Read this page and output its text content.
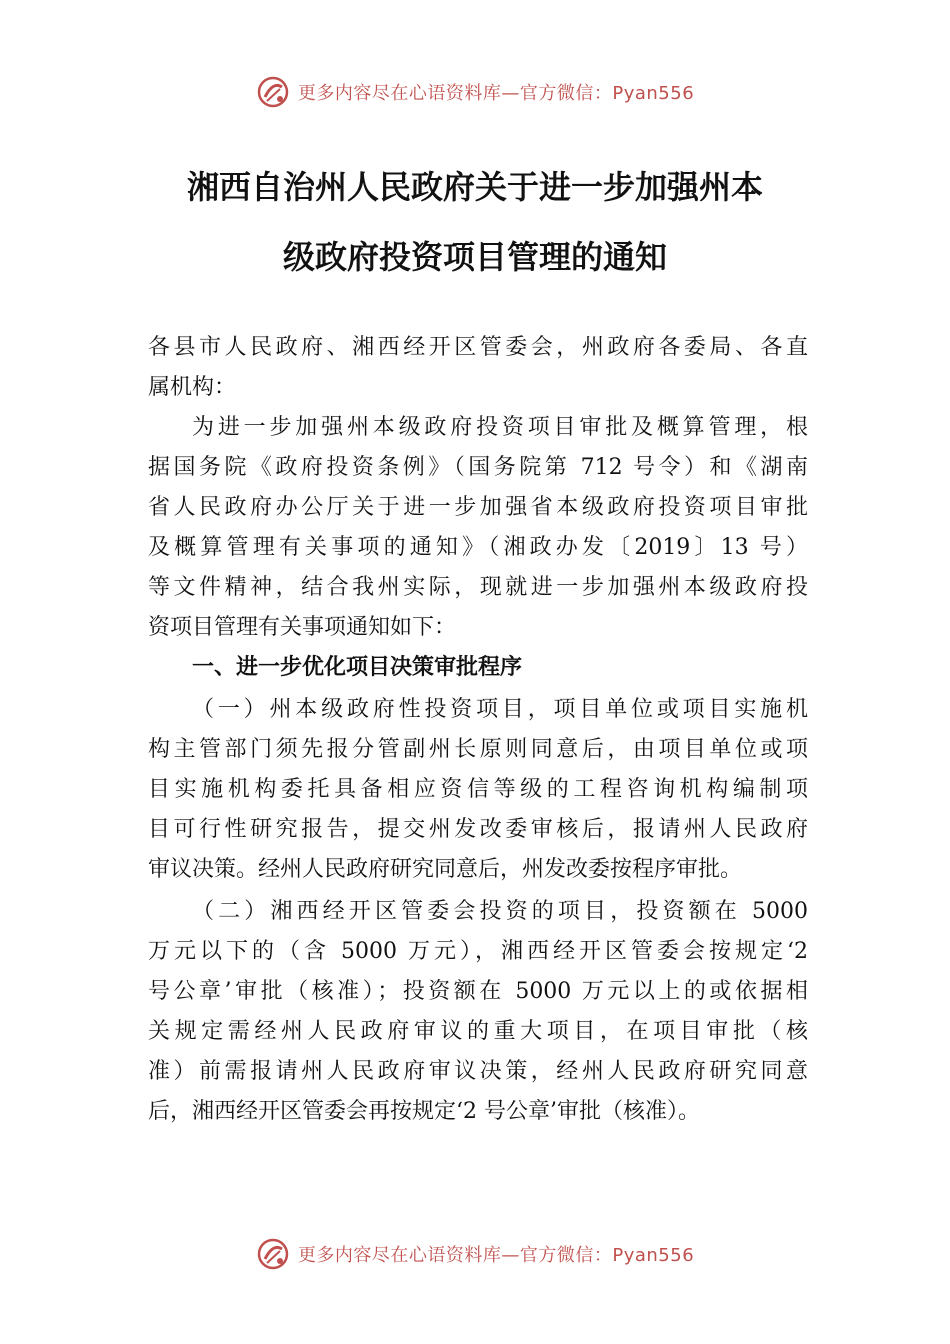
更多内容尽在心语资料库—官方微信：Pyan556
湘西自治州人民政府关于进一步加强州本
级政府投资项目管理的通知
各县市人民政府、湘西经开区管委会，州政府各委局、各直
属机构：
为进一步加强州本级政府投资项目审批及概算管理，根
据国务院《政府投资条例》（国务院第 712 号令）和《湖南
省人民政府办公厅关于进一步加强省本级政府投资项目审批
及概算管理有关事项的通知》（湘政办发〔2019〕13 号）
等文件精神，结合我州实际，现就进一步加强州本级政府投
资项目管理有关事项通知如下：
一、进一步优化项目决策审批程序
（一）州本级政府性投资项目，项目单位或项目实施机
构主管部门须先报分管副州长原则同意后，由项目单位或项
目实施机构委托具备相应资信等级的工程咨询机构编制项
目可行性研究报告，提交州发改委审核后，报请州人民政府
审议决策。经州人民政府研究同意后，州发改委按程序审批。
（二）湘西经开区管委会投资的项目，投资额在 5000
万元以下的（含 5000 万元），湘西经开区管委会按规定‘2
号公章’审批（核准）；投资额在 5000 万元以上的或依据相
关规定需经州人民政府审议的重大项目，在项目审批（核
准）前需报请州人民政府审议决策，经州人民政府研究同意
后，湘西经开区管委会再按规定‘2 号公章’审批（核准）。
更多内容尽在心语资料库—官方微信：Pyan556
